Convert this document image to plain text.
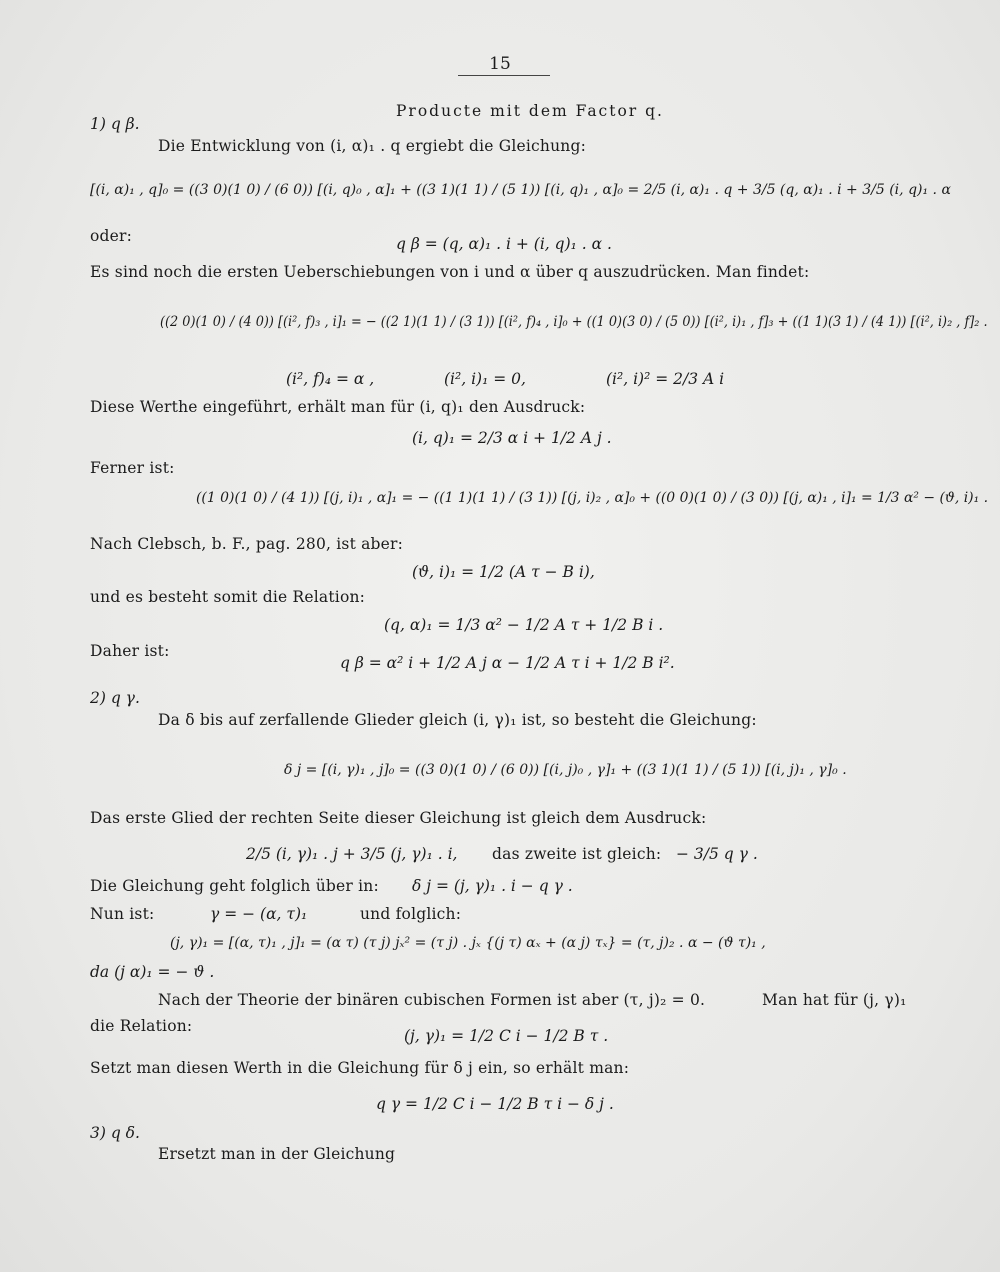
15
Producte mit dem Factor q.
1) q β.
Die Entwicklung von (i, α)₁ . q ergiebt die Gleichung:
[(i, α)₁ , q]₀ = ((3 0)(1 0) / (6 0)) [(i, q)₀ , α]₁ + ((3 1)(1 1) / (5 1)) [(i, q)₁ , α]₀ = 2/5 (i, α)₁ . q + 3/5 (q, α)₁ . i + 3/5 (i, q)₁ . α
oder:	q β = (q, α)₁ . i + (i, q)₁ . α .
Es sind noch die ersten Ueberschiebungen von i und α über q auszudrücken. Man findet:
((2 0)(1 0) / (4 0)) [(i², f)₃ , i]₁ = − ((2 1)(1 1) / (3 1)) [(i², f)₄ , i]₀ + ((1 0)(3 0) / (5 0)) [(i², i)₁ , f]₃ + ((1 1)(3 1) / (4 1)) [(i², i)₂ , f]₂ .
(i², f)₄ = α ,	(i², i)₁ = 0,	(i², i)² = 2/3 A i
Diese Werthe eingeführt, erhält man für (i, q)₁ den Ausdruck:
(i, q)₁ = 2/3 α i + 1/2 A j .
Ferner ist:
((1 0)(1 0) / (4 1)) [(j, i)₁ , α]₁ = − ((1 1)(1 1) / (3 1)) [(j, i)₂ , α]₀ + ((0 0)(1 0) / (3 0)) [(j, α)₁ , i]₁ = 1/3 α² − (ϑ, i)₁ .
Nach Clebsch, b. F., pag. 280, ist aber:
(ϑ, i)₁ = 1/2 (A τ − B i),
und es besteht somit die Relation:
(q, α)₁ = 1/3 α² − 1/2 A τ + 1/2 B i .
Daher ist:
q β = α² i + 1/2 A j α − 1/2 A τ i + 1/2 B i².
2) q γ.
Da δ bis auf zerfallende Glieder gleich (i, γ)₁ ist, so besteht die Gleichung:
δ j = [(i, γ)₁ , j]₀ = ((3 0)(1 0) / (6 0)) [(i, j)₀ , γ]₁ + ((3 1)(1 1) / (5 1)) [(i, j)₁ , γ]₀ .
Das erste Glied der rechten Seite dieser Gleichung ist gleich dem Ausdruck:
2/5 (i, γ)₁ . j + 3/5 (j, γ)₁ . i, das zweite ist gleich: − 3/5 q γ .
Die Gleichung geht folglich über in: δ j = (j, γ)₁ . i − q γ .
Nun ist:	γ = − (α, τ)₁	und folglich:
(j, γ)₁ = [(α, τ)₁ , j]₁ = (α τ) (τ j) jₓ² = (τ j) . jₓ {(j τ) αₓ + (α j) τₓ} = (τ, j)₂ . α − (ϑ τ)₁ ,
da (j α)₁ = − ϑ .
Nach der Theorie der binären cubischen Formen ist aber (τ, j)₂ = 0.	Man hat für (j, γ)₁
die Relation:
(j, γ)₁ = 1/2 C i − 1/2 B τ .
Setzt man diesen Werth in die Gleichung für δ j ein, so erhält man:
q γ = 1/2 C i − 1/2 B τ i − δ j .
3) q δ.
Ersetzt man in der Gleichung
